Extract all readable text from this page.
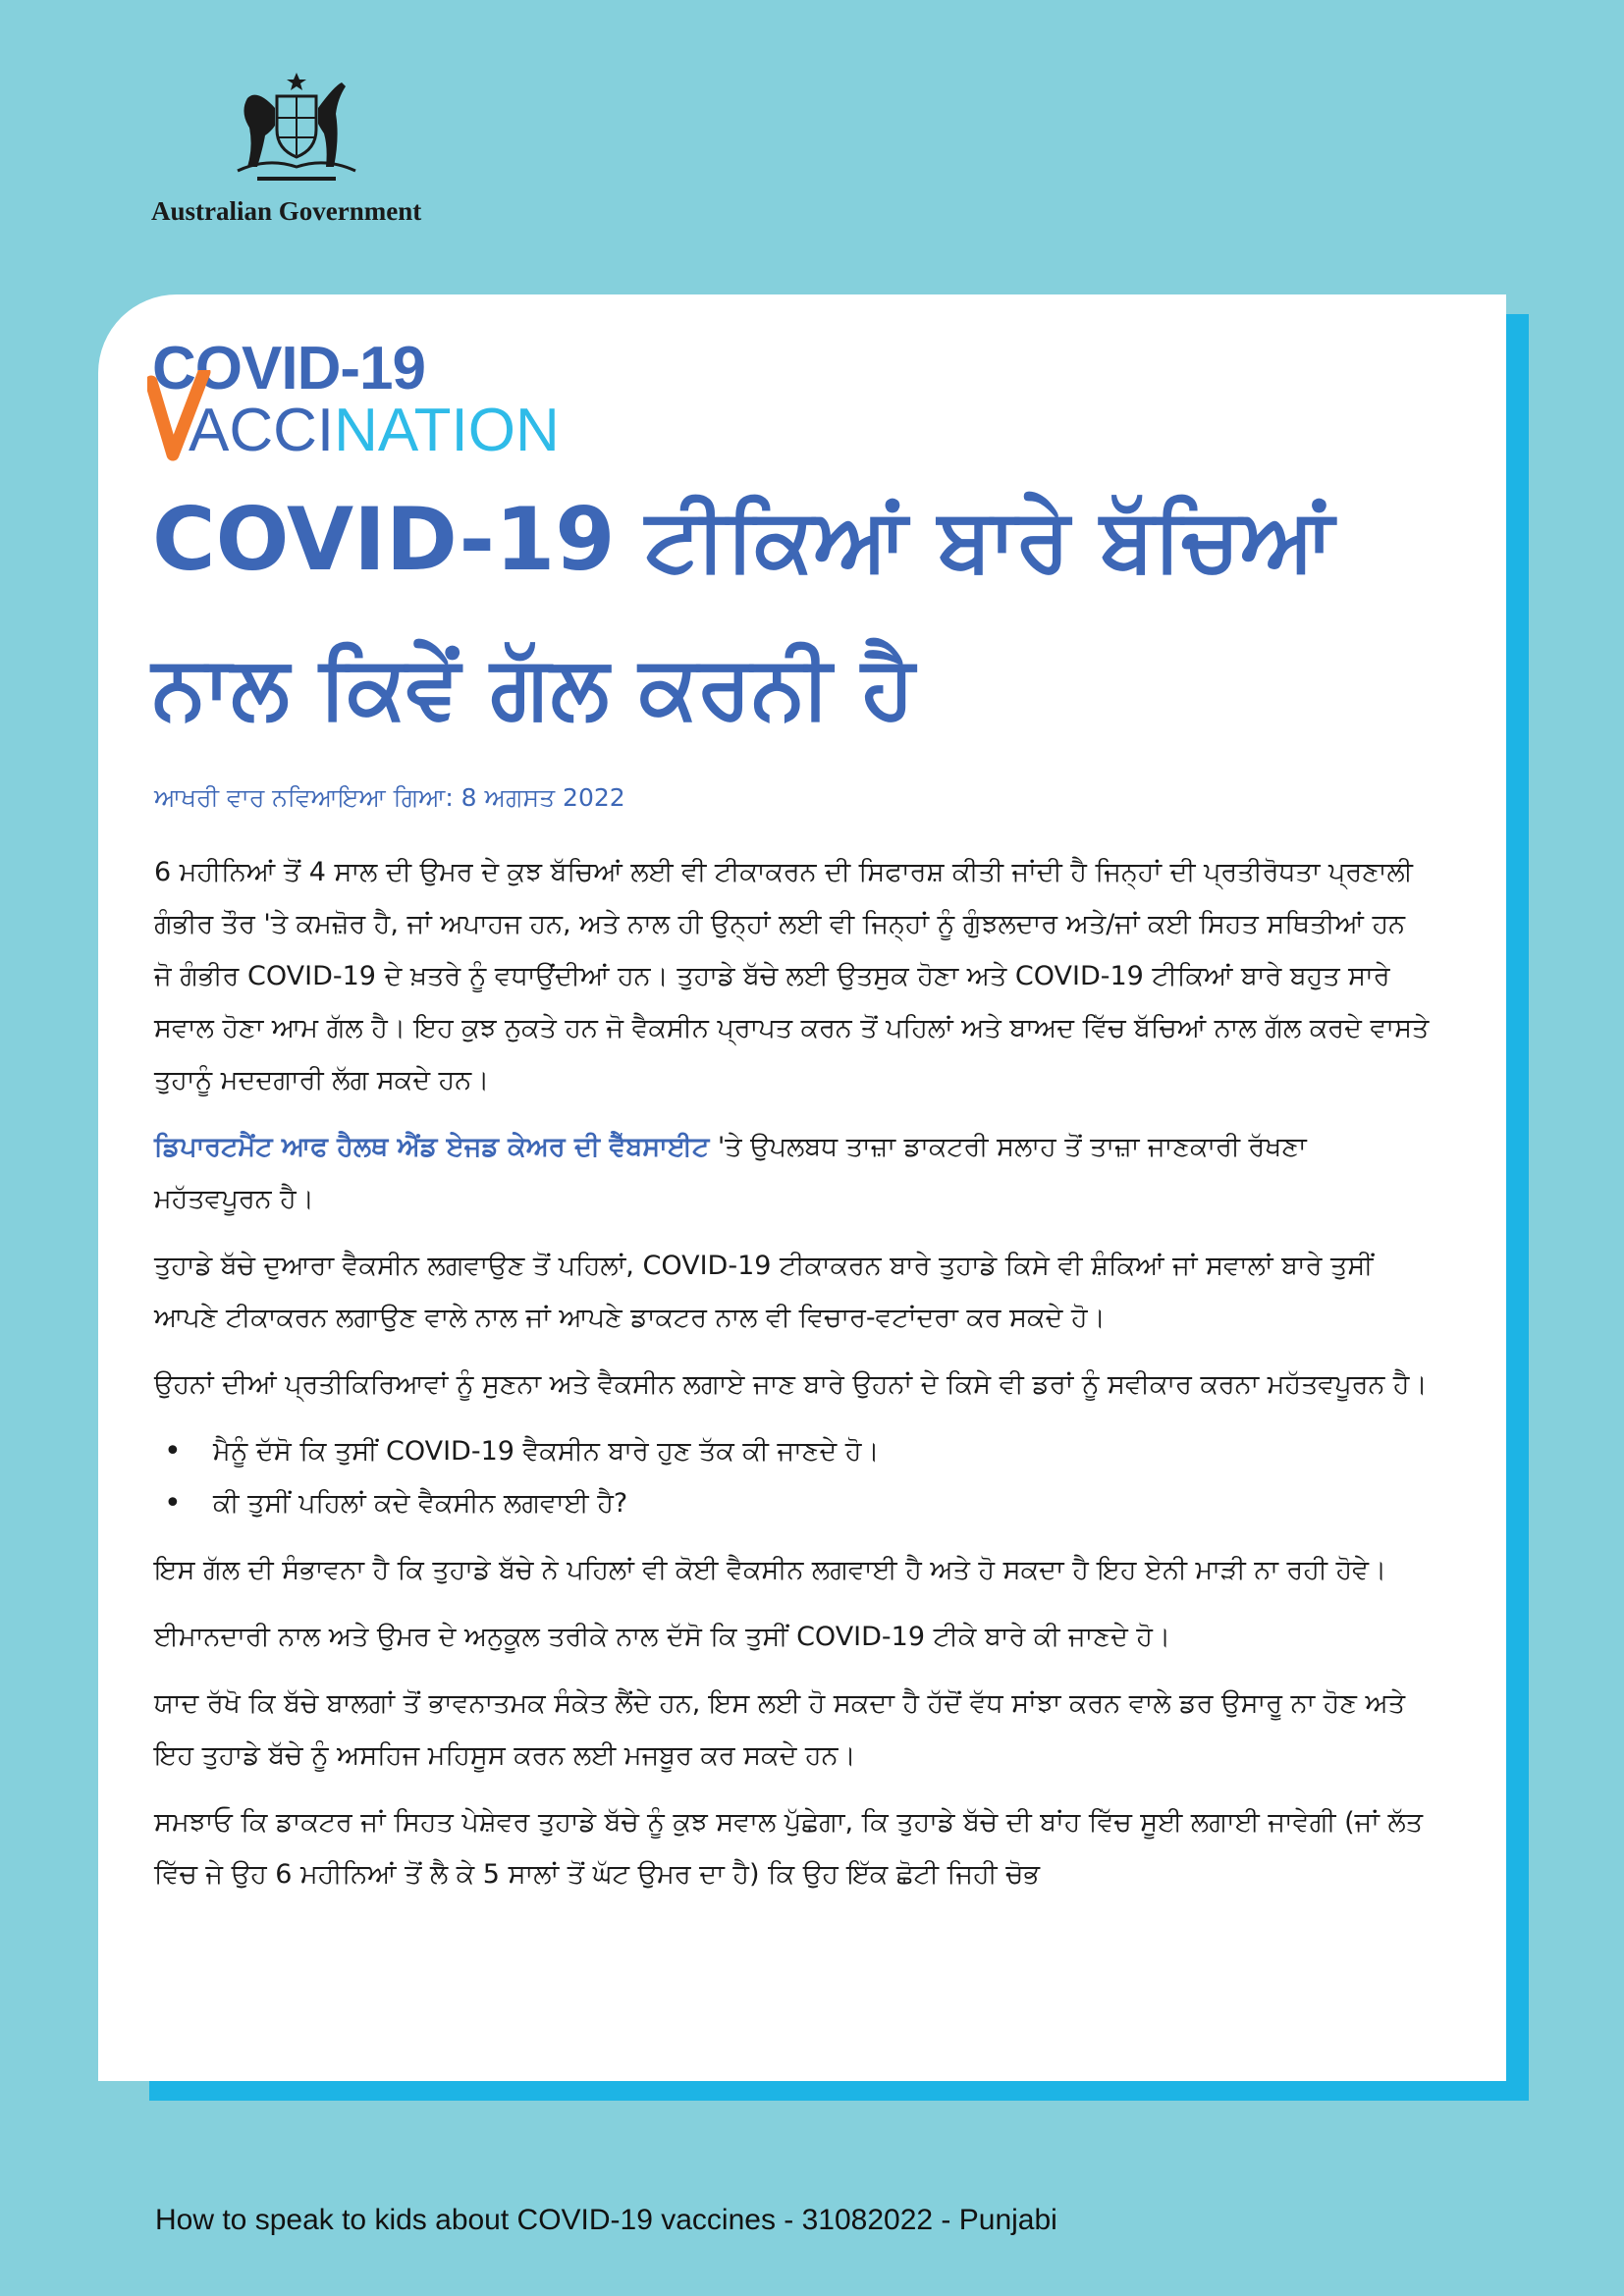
Australian Government
COVID-19
ACCINATION
COVID-19 ਟੀਕਿਆਂ ਬਾਰੇ ਬੱਚਿਆਂ ਨਾਲ ਕਿਵੇਂ ਗੱਲ ਕਰਨੀ ਹੈ

ਆਖਰੀ ਵਾਰ ਨਵਿਆਇਆ ਗਿਆ: 8 ਅਗਸਤ 2022

6 ਮਹੀਨਿਆਂ ਤੋਂ 4 ਸਾਲ ਦੀ ਉਮਰ ਦੇ ਕੁਝ ਬੱਚਿਆਂ ਲਈ ਵੀ ਟੀਕਾਕਰਨ ਦੀ ਸਿਫਾਰਸ਼ ਕੀਤੀ ਜਾਂਦੀ ਹੈ ਜਿਨ੍ਹਾਂ ਦੀ ਪ੍ਰਤੀਰੋਧਤਾ ਪ੍ਰਣਾਲੀ ਗੰਭੀਰ ਤੌਰ 'ਤੇ ਕਮਜ਼ੋਰ ਹੈ, ਜਾਂ ਅਪਾਹਜ ਹਨ, ਅਤੇ ਨਾਲ ਹੀ ਉਨ੍ਹਾਂ ਲਈ ਵੀ ਜਿਨ੍ਹਾਂ ਨੂੰ ਗੁੰਝਲਦਾਰ ਅਤੇ/ਜਾਂ ਕਈ ਸਿਹਤ ਸਥਿਤੀਆਂ ਹਨ ਜੋ ਗੰਭੀਰ COVID-19 ਦੇ ਖ਼ਤਰੇ ਨੂੰ ਵਧਾਉਂਦੀਆਂ ਹਨ। ਤੁਹਾਡੇ ਬੱਚੇ ਲਈ ਉਤਸੁਕ ਹੋਣਾ ਅਤੇ COVID-19 ਟੀਕਿਆਂ ਬਾਰੇ ਬਹੁਤ ਸਾਰੇ ਸਵਾਲ ਹੋਣਾ ਆਮ ਗੱਲ ਹੈ। ਇਹ ਕੁਝ ਨੁਕਤੇ ਹਨ ਜੋ ਵੈਕਸੀਨ ਪ੍ਰਾਪਤ ਕਰਨ ਤੋਂ ਪਹਿਲਾਂ ਅਤੇ ਬਾਅਦ ਵਿੱਚ ਬੱਚਿਆਂ ਨਾਲ ਗੱਲ ਕਰਦੇ ਵਾਸਤੇ ਤੁਹਾਨੂੰ ਮਦਦਗਾਰੀ ਲੱਗ ਸਕਦੇ ਹਨ।

ਡਿਪਾਰਟਮੈਂਟ ਆਫ ਹੈਲਥ ਐਂਡ ਏਜਡ ਕੇਅਰ ਦੀ ਵੈੱਬਸਾਈਟ 'ਤੇ ਉਪਲਬਧ ਤਾਜ਼ਾ ਡਾਕਟਰੀ ਸਲਾਹ ਤੋਂ ਤਾਜ਼ਾ ਜਾਣਕਾਰੀ ਰੱਖਣਾ ਮਹੱਤਵਪੂਰਨ ਹੈ।

ਤੁਹਾਡੇ ਬੱਚੇ ਦੁਆਰਾ ਵੈਕਸੀਨ ਲਗਵਾਉਣ ਤੋਂ ਪਹਿਲਾਂ, COVID-19 ਟੀਕਾਕਰਨ ਬਾਰੇ ਤੁਹਾਡੇ ਕਿਸੇ ਵੀ ਸ਼ੰਕਿਆਂ ਜਾਂ ਸਵਾਲਾਂ ਬਾਰੇ ਤੁਸੀਂ ਆਪਣੇ ਟੀਕਾਕਰਨ ਲਗਾਉਣ ਵਾਲੇ ਨਾਲ ਜਾਂ ਆਪਣੇ ਡਾਕਟਰ ਨਾਲ ਵੀ ਵਿਚਾਰ-ਵਟਾਂਦਰਾ ਕਰ ਸਕਦੇ ਹੋ।

ਉਹਨਾਂ ਦੀਆਂ ਪ੍ਰਤੀਕਿਰਿਆਵਾਂ ਨੂੰ ਸੁਣਨਾ ਅਤੇ ਵੈਕਸੀਨ ਲਗਾਏ ਜਾਣ ਬਾਰੇ ਉਹਨਾਂ ਦੇ ਕਿਸੇ ਵੀ ਡਰਾਂ ਨੂੰ ਸਵੀਕਾਰ ਕਰਨਾ ਮਹੱਤਵਪੂਰਨ ਹੈ।

• ਮੈਨੂੰ ਦੱਸੋ ਕਿ ਤੁਸੀਂ COVID-19 ਵੈਕਸੀਨ ਬਾਰੇ ਹੁਣ ਤੱਕ ਕੀ ਜਾਣਦੇ ਹੋ।
• ਕੀ ਤੁਸੀਂ ਪਹਿਲਾਂ ਕਦੇ ਵੈਕਸੀਨ ਲਗਵਾਈ ਹੈ?

ਇਸ ਗੱਲ ਦੀ ਸੰਭਾਵਨਾ ਹੈ ਕਿ ਤੁਹਾਡੇ ਬੱਚੇ ਨੇ ਪਹਿਲਾਂ ਵੀ ਕੋਈ ਵੈਕਸੀਨ ਲਗਵਾਈ ਹੈ ਅਤੇ ਹੋ ਸਕਦਾ ਹੈ ਇਹ ਏਨੀ ਮਾੜੀ ਨਾ ਰਹੀ ਹੋਵੇ।

ਈਮਾਨਦਾਰੀ ਨਾਲ ਅਤੇ ਉਮਰ ਦੇ ਅਨੁਕੂਲ ਤਰੀਕੇ ਨਾਲ ਦੱਸੋ ਕਿ ਤੁਸੀਂ COVID-19 ਟੀਕੇ ਬਾਰੇ ਕੀ ਜਾਣਦੇ ਹੋ।

ਯਾਦ ਰੱਖੋ ਕਿ ਬੱਚੇ ਬਾਲਗਾਂ ਤੋਂ ਭਾਵਨਾਤਮਕ ਸੰਕੇਤ ਲੈਂਦੇ ਹਨ, ਇਸ ਲਈ ਹੋ ਸਕਦਾ ਹੈ ਹੱਦੋਂ ਵੱਧ ਸਾਂਝਾ ਕਰਨ ਵਾਲੇ ਡਰ ਉਸਾਰੂ ਨਾ ਹੋਣ ਅਤੇ ਇਹ ਤੁਹਾਡੇ ਬੱਚੇ ਨੂੰ ਅਸਹਿਜ ਮਹਿਸੂਸ ਕਰਨ ਲਈ ਮਜਬੂਰ ਕਰ ਸਕਦੇ ਹਨ।

ਸਮਝਾਓ ਕਿ ਡਾਕਟਰ ਜਾਂ ਸਿਹਤ ਪੇਸ਼ੇਵਰ ਤੁਹਾਡੇ ਬੱਚੇ ਨੂੰ ਕੁਝ ਸਵਾਲ ਪੁੱਛੇਗਾ, ਕਿ ਤੁਹਾਡੇ ਬੱਚੇ ਦੀ ਬਾਂਹ ਵਿੱਚ ਸੂਈ ਲਗਾਈ ਜਾਵੇਗੀ (ਜਾਂ ਲੱਤ ਵਿੱਚ ਜੇ ਉਹ 6 ਮਹੀਨਿਆਂ ਤੋਂ ਲੈ ਕੇ 5 ਸਾਲਾਂ ਤੋਂ ਘੱਟ ਉਮਰ ਦਾ ਹੈ) ਕਿ ਉਹ ਇੱਕ ਛੋਟੀ ਜਿਹੀ ਚੋਭ

How to speak to kids about COVID-19 vaccines - 31082022 - Punjabi
